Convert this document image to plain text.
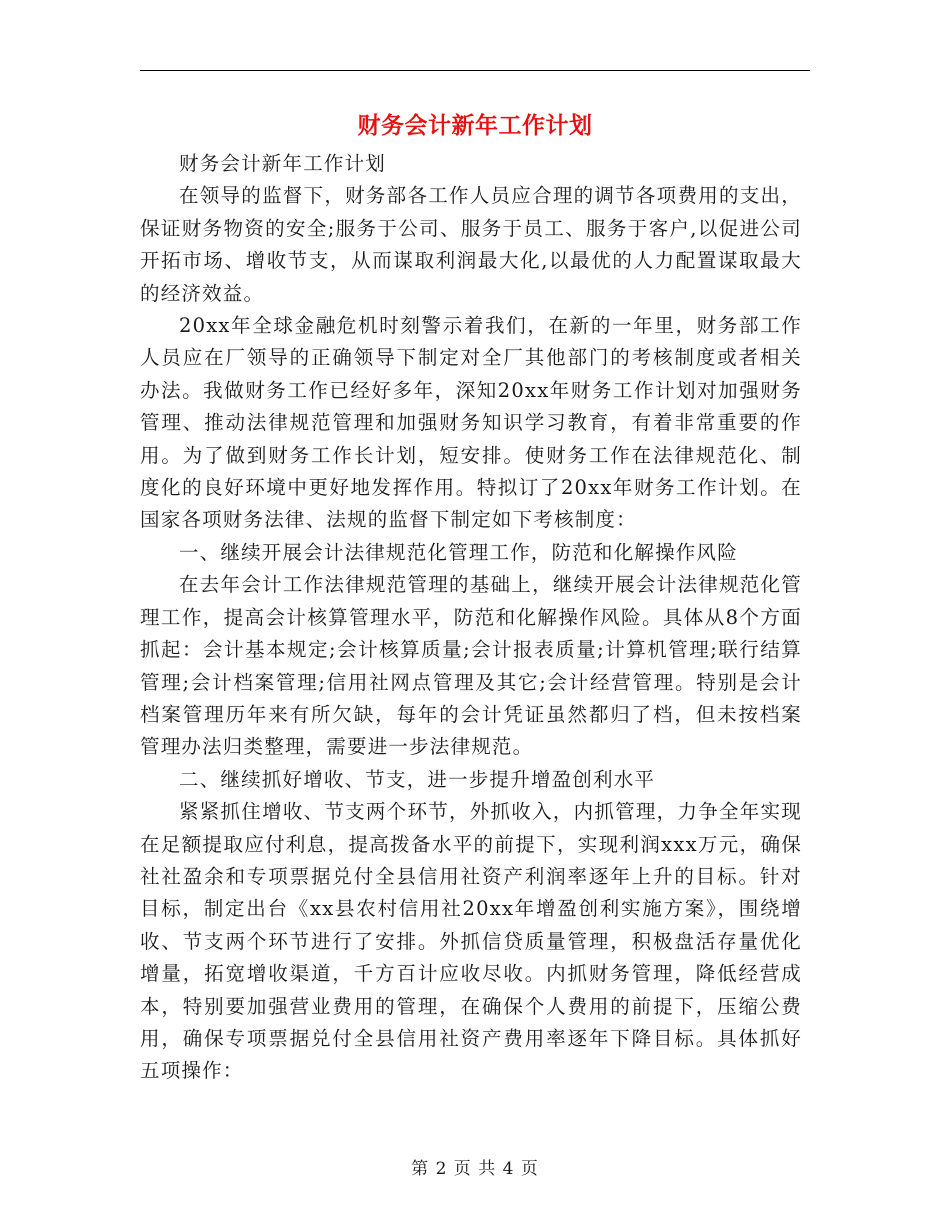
财务会计新年工作计划

财务会计新年工作计划

在领导的监督下，财务部各工作人员应合理的调节各项费用的支出，保证财务物资的安全;服务于公司、服务于员工、服务于客户,以促进公司开拓市场、增收节支，从而谋取利润最大化,以最优的人力配置谋取最大的经济效益。

20xx年全球金融危机时刻警示着我们，在新的一年里，财务部工作人员应在厂领导的正确领导下制定对全厂其他部门的考核制度或者相关办法。我做财务工作已经好多年，深知20xx年财务工作计划对加强财务管理、推动法律规范管理和加强财务知识学习教育，有着非常重要的作用。为了做到财务工作长计划，短安排。使财务工作在法律规范化、制度化的良好环境中更好地发挥作用。特拟订了20xx年财务工作计划。在国家各项财务法律、法规的监督下制定如下考核制度：

一、继续开展会计法律规范化管理工作，防范和化解操作风险

在去年会计工作法律规范管理的基础上，继续开展会计法律规范化管理工作，提高会计核算管理水平，防范和化解操作风险。具体从8个方面抓起：会计基本规定;会计核算质量;会计报表质量;计算机管理;联行结算管理;会计档案管理;信用社网点管理及其它;会计经营管理。特别是会计档案管理历年来有所欠缺，每年的会计凭证虽然都归了档，但未按档案管理办法归类整理，需要进一步法律规范。

二、继续抓好增收、节支，进一步提升增盈创利水平

紧紧抓住增收、节支两个环节，外抓收入，内抓管理，力争全年实现在足额提取应付利息，提高拨备水平的前提下，实现利润xxx万元，确保社社盈余和专项票据兑付全县信用社资产利润率逐年上升的目标。针对目标，制定出台《xx县农村信用社20xx年增盈创利实施方案》，围绕增收、节支两个环节进行了安排。外抓信贷质量管理，积极盘活存量优化增量，拓宽增收渠道，千方百计应收尽收。内抓财务管理，降低经营成本，特别要加强营业费用的管理，在确保个人费用的前提下，压缩公费用，确保专项票据兑付全县信用社资产费用率逐年下降目标。具体抓好五项操作：

第 2 页 共 4 页
